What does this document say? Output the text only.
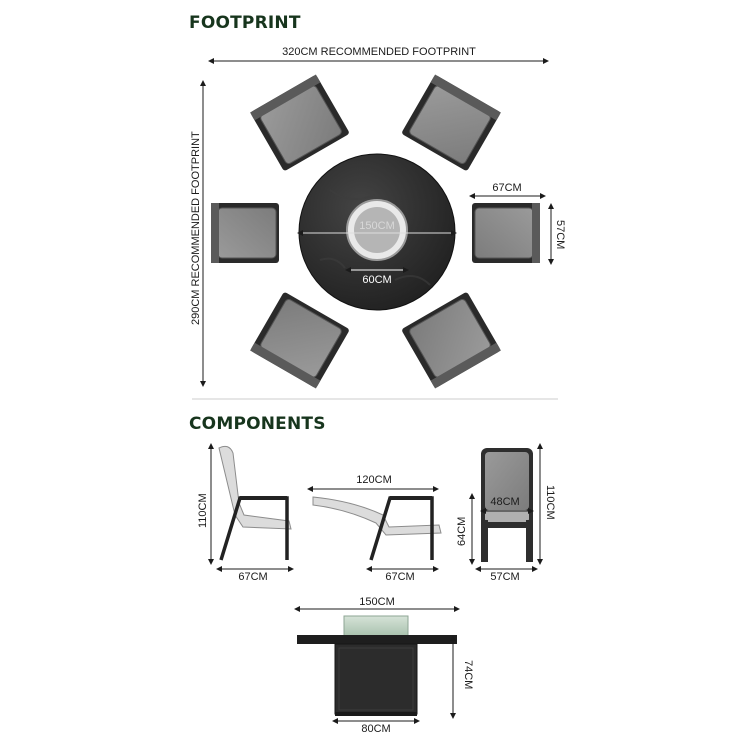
FOOTPRINT
COMPONENTS
320CM RECOMMENDED FOOTPRINT
290CM RECOMMENDED FOOTPRINT	150CM
60CM
67CM
57CM
110CM
67CM
120CM
67CM
110CM
64CM
48CM
57CM
150CM
74CM
80CM
